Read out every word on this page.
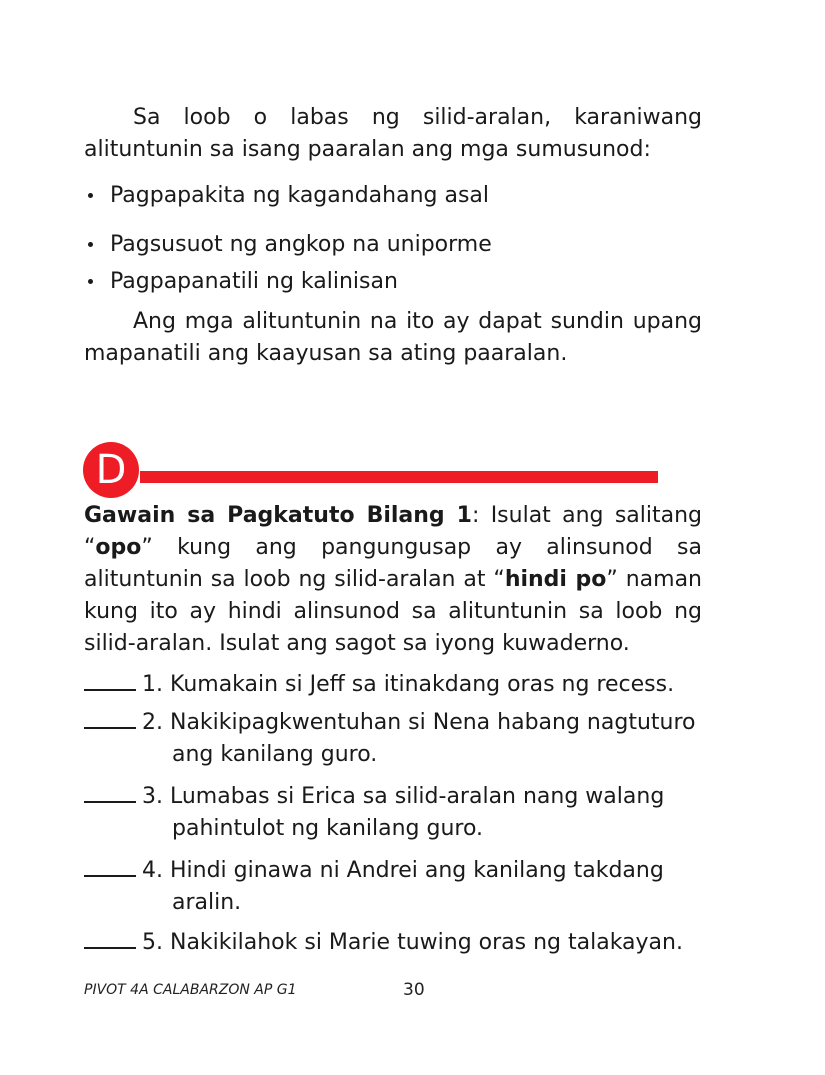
Sa loob o labas ng silid-aralan, karaniwang alituntunin sa isang paaralan ang mga sumusunod:
Pagpapakita ng kagandahang asal
Pagsusuot ng angkop na uniporme
Pagpapanatili ng kalinisan
Ang mga alituntunin na ito ay dapat sundin upang mapanatili ang kaayusan sa ating paaralan.
D
Gawain sa Pagkatuto Bilang 1: Isulat ang salitang “opo” kung ang pangungusap ay alinsunod sa alituntunin sa loob ng silid-aralan at “hindi po” naman kung ito ay hindi alinsunod sa alituntunin sa loob ng silid-aralan. Isulat ang sagot sa iyong kuwaderno.
1. Kumakain si Jeff sa itinakdang oras ng recess.
2. Nakikipagkwentuhan si Nena habang nagtuturo
ang kanilang guro.
3. Lumabas si Erica sa silid-aralan nang walang
pahintulot ng kanilang guro.
4. Hindi ginawa ni Andrei ang kanilang takdang
aralin.
5. Nakikilahok si Marie tuwing oras ng talakayan.
PIVOT 4A CALABARZON AP G1	30
